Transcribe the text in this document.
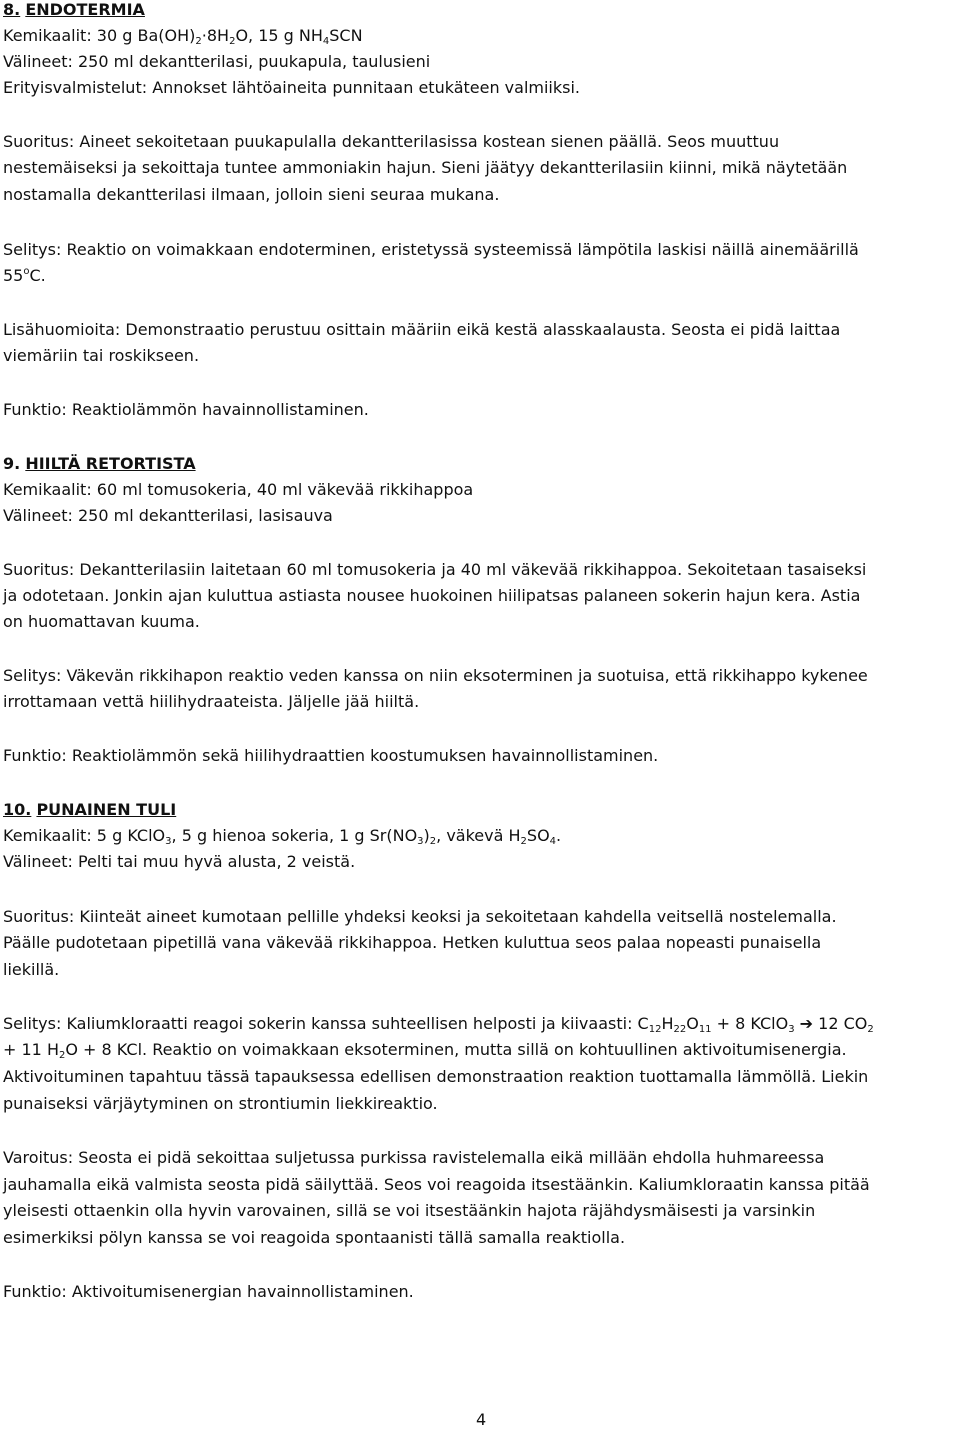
8. ENDOTERMIA
Kemikaalit: 30 g $Ba(OH)_2\cdot 8H_2O$, 15 g $NH_4SCN$
Välineet: 250 ml dekantterilasi, puukapula, taulusieni
Erityisvalmistelut: Annokset lähtöaineita punnitaan etukäteen valmiiksi.
Suoritus: Aineet sekoitetaan puukapulalla dekantterilasissa kostean sienen päällä. Seos muuttuu
nestemäiseksi ja sekoittaja tuntee ammoniakin hajun. Sieni jäätyy dekantterilasiin kiinni, mikä näytetään
nostamalla dekantterilasi ilmaan, jolloin sieni seuraa mukana.
Selitys: Reaktio on voimakkaan endoterminen, eristetyssä systeemissä lämpötila laskisi näillä ainemäärillä
55$^o$C.
Lisähuomioita: Demonstraatio perustuu osittain määriin eikä kestä alasskaalausta. Seosta ei pidä laittaa
viemäriin tai roskikseen.
Funktio: Reaktiolämmön havainnollistaminen.
9. HIILTÄ RETORTISTA
Kemikaalit: 60 ml tomusokeria, 40 ml väkevää rikkihappoa
Välineet: 250 ml dekantterilasi, lasisauva
Suoritus: Dekantterilasiin laitetaan 60 ml tomusokeria ja 40 ml väkevää rikkihappoa. Sekoitetaan tasaiseksi
ja odotetaan. Jonkin ajan kuluttua astiasta nousee huokoinen hiilipatsas palaneen sokerin hajun kera. Astia
on huomattavan kuuma.
Selitys: Väkevän rikkihapon reaktio veden kanssa on niin eksoterminen ja suotuisa, että rikkihappo kykenee
irrottamaan vettä hiilihydraateista. Jäljelle jää hiiltä.
Funktio: Reaktiolämmön sekä hiilihydraattien koostumuksen havainnollistaminen.
10. PUNAINEN TULI
Kemikaalit: 5 g KClO$_3$, 5 g hienoa sokeria, 1 g $Sr(NO_3)_2$, väkevä $H_2SO_4$.
Välineet: Pelti tai muu hyvä alusta, 2 veistä.
Suoritus: Kiinteät aineet kumotaan pellille yhdeksi keoksi ja sekoitetaan kahdella veitsellä nostelemalla.
Päälle pudotetaan pipetillä vana väkevää rikkihappoa. Hetken kuluttua seos palaa nopeasti punaisella
liekillä.
Selitys: Kaliumkloraatti reagoi sokerin kanssa suhteellisen helposti ja kiivaasti: $C_{12}H_{22}O_{11} + 8$ KClO$_3$ ➔ 12 $CO_2$
+ 11 $H_2O + 8$ KCl. Reaktio on voimakkaan eksoterminen, mutta sillä on kohtuullinen aktivoitumisenergia.
Aktivoituminen tapahtuu tässä tapauksessa edellisen demonstraation reaktion tuottamalla lämmöllä. Liekin
punaiseksi värjäytyminen on strontiumin liekkireaktio.
Varoitus: Seosta ei pidä sekoittaa suljetussa purkissa ravistelemalla eikä millään ehdolla huhmareessa
jauhamalla eikä valmista seosta pidä säilyttää. Seos voi reagoida itsestäänkin. Kaliumkloraatin kanssa pitää
yleisesti ottaenkin olla hyvin varovainen, sillä se voi itsestäänkin hajota räjähdysmäisesti ja varsinkin
esimerkiksi pölyn kanssa se voi reagoida spontaanisti tällä samalla reaktiolla.
Funktio: Aktivoitumisenergian havainnollistaminen.
4
